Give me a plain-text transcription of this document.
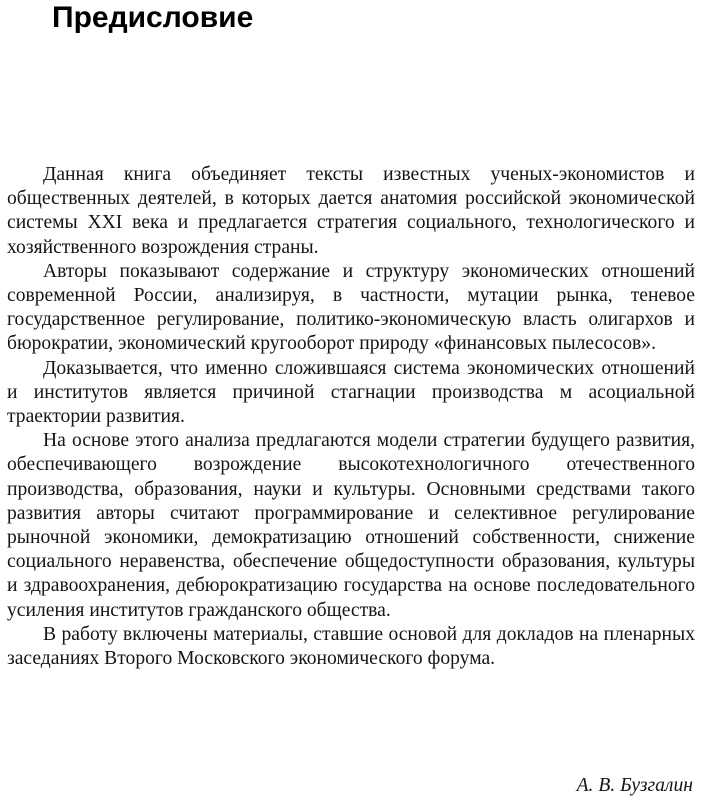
Предисловие

Данная книга объединяет тексты известных ученых-экономистов и общественных деятелей, в которых дается анатомия российской экономической системы XXI века и предлагается стратегия социального, технологического и хозяйственного возрождения страны.

Авторы показывают содержание и структуру экономических отношений современной России, анализируя, в частности, мутации рынка, теневое государственное регулирование, политико-экономическую власть олигархов и бюрократии, экономический кругооборот природу «финансовых пылесосов».

Доказывается, что именно сложившаяся система экономических отношений и институтов является причиной стагнации производства м асоциальной траектории развития.

На основе этого анализа предлагаются модели стратегии будущего развития, обеспечивающего возрождение высокотехнологичного отечественного производства, образования, науки и культуры. Основными средствами такого развития авторы считают программирование и селективное регулирование рыночной экономики, демократизацию отношений собственности, снижение социального неравенства, обеспечение общедоступности образования, культуры и здравоохранения, дебюрократизацию государства на основе последовательного усиления институтов гражданского общества.

В работу включены материалы, ставшие основой для докладов на пленарных заседаниях Второго Московского экономического форума.

А. В. Бузгалин
